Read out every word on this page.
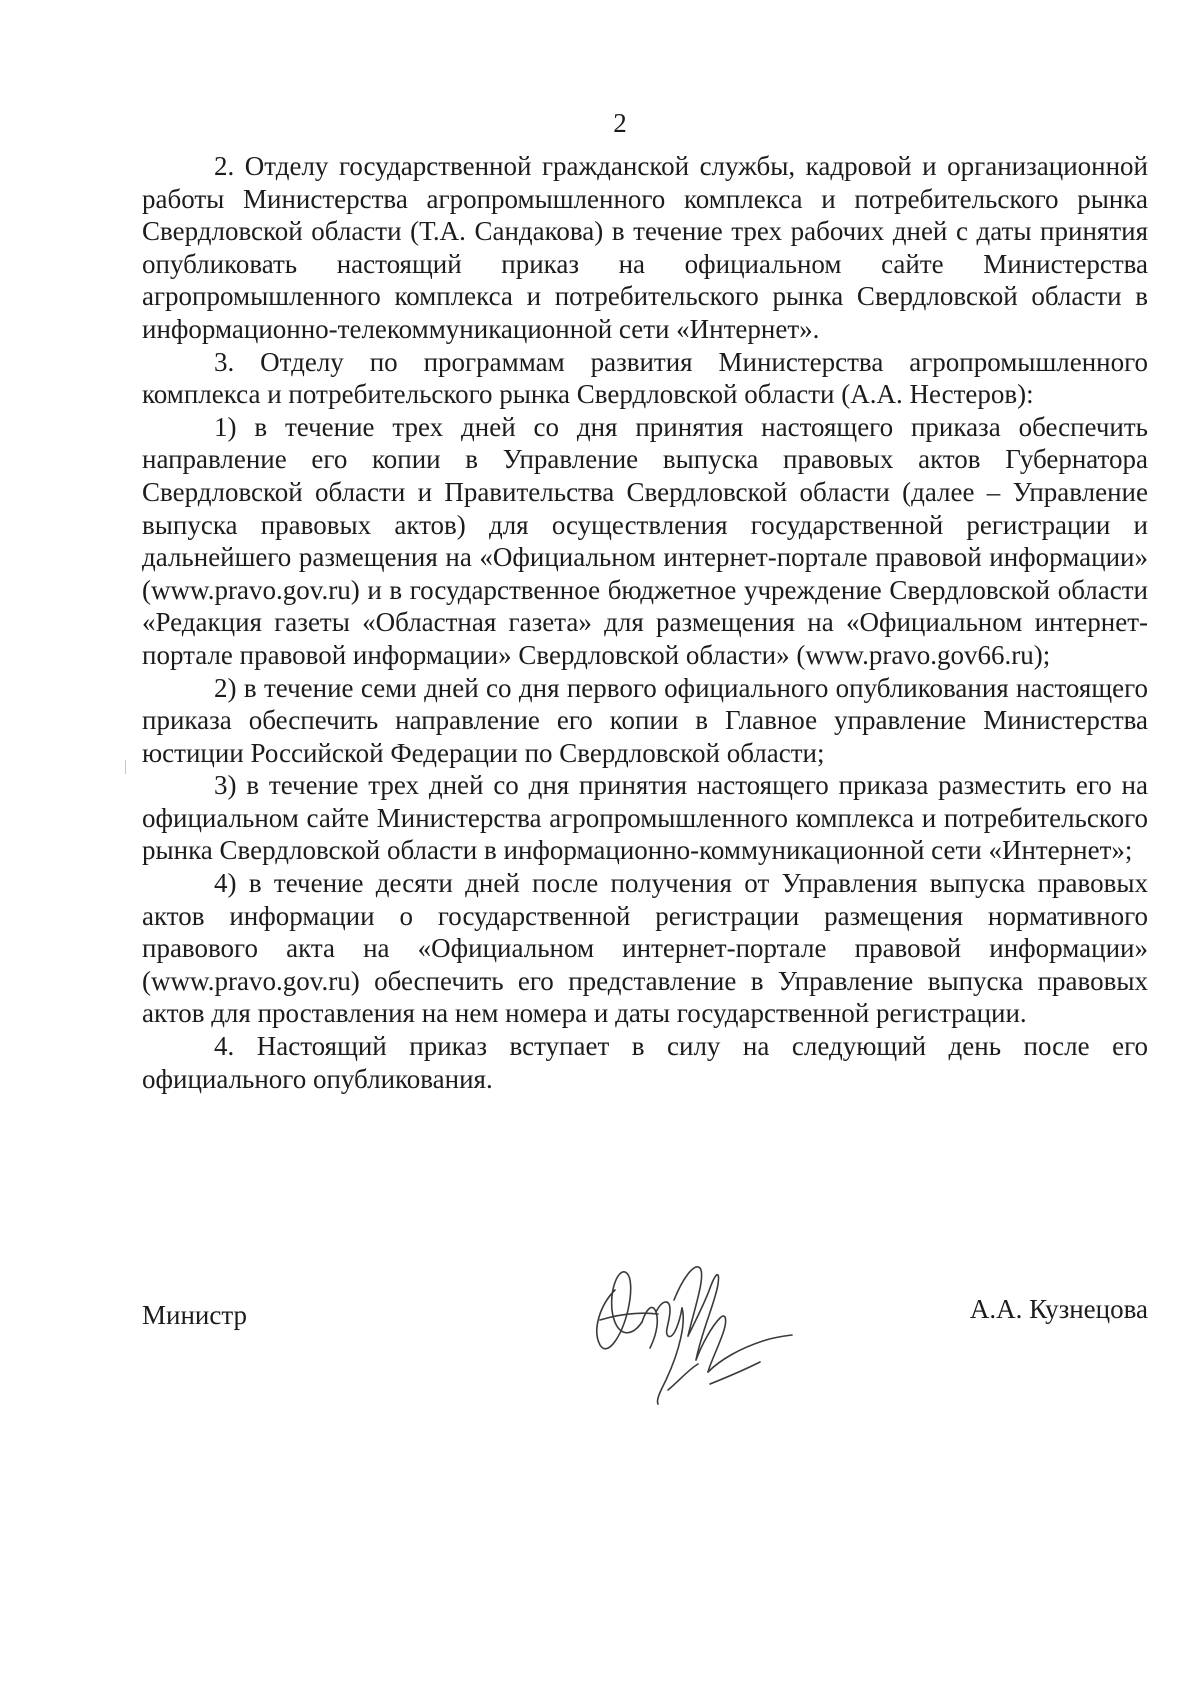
2

2. Отделу государственной гражданской службы, кадровой и организационной работы Министерства агропромышленного комплекса и потребительского рынка Свердловской области (Т.А. Сандакова) в течение трех рабочих дней с даты принятия опубликовать настоящий приказ на официальном сайте Министерства агропромышленного комплекса и потребительского рынка Свердловской области в информационно-телекоммуникационной сети «Интернет».

3. Отделу по программам развития Министерства агропромышленного комплекса и потребительского рынка Свердловской области (А.А. Нестеров):

1) в течение трех дней со дня принятия настоящего приказа обеспечить направление его копии в Управление выпуска правовых актов Губернатора Свердловской области и Правительства Свердловской области (далее – Управление выпуска правовых актов) для осуществления государственной регистрации и дальнейшего размещения на «Официальном интернет-портале правовой информации» (www.pravo.gov.ru) и в государственное бюджетное учреждение Свердловской области «Редакция газеты «Областная газета» для размещения на «Официальном интернет-портале правовой информации» Свердловской области» (www.pravo.gov66.ru);

2) в течение семи дней со дня первого официального опубликования настоящего приказа обеспечить направление его копии в Главное управление Министерства юстиции Российской Федерации по Свердловской области;

3) в течение трех дней со дня принятия настоящего приказа разместить его на официальном сайте Министерства агропромышленного комплекса и потребительского рынка Свердловской области в информационно-коммуникационной сети «Интернет»;

4) в течение десяти дней после получения от Управления выпуска правовых актов информации о государственной регистрации размещения нормативного правового акта на «Официальном интернет-портале правовой информации» (www.pravo.gov.ru) обеспечить его представление в Управление выпуска правовых актов для проставления на нем номера и даты государственной регистрации.

4. Настоящий приказ вступает в силу на следующий день после его официального опубликования.

Министр	А.А. Кузнецова
